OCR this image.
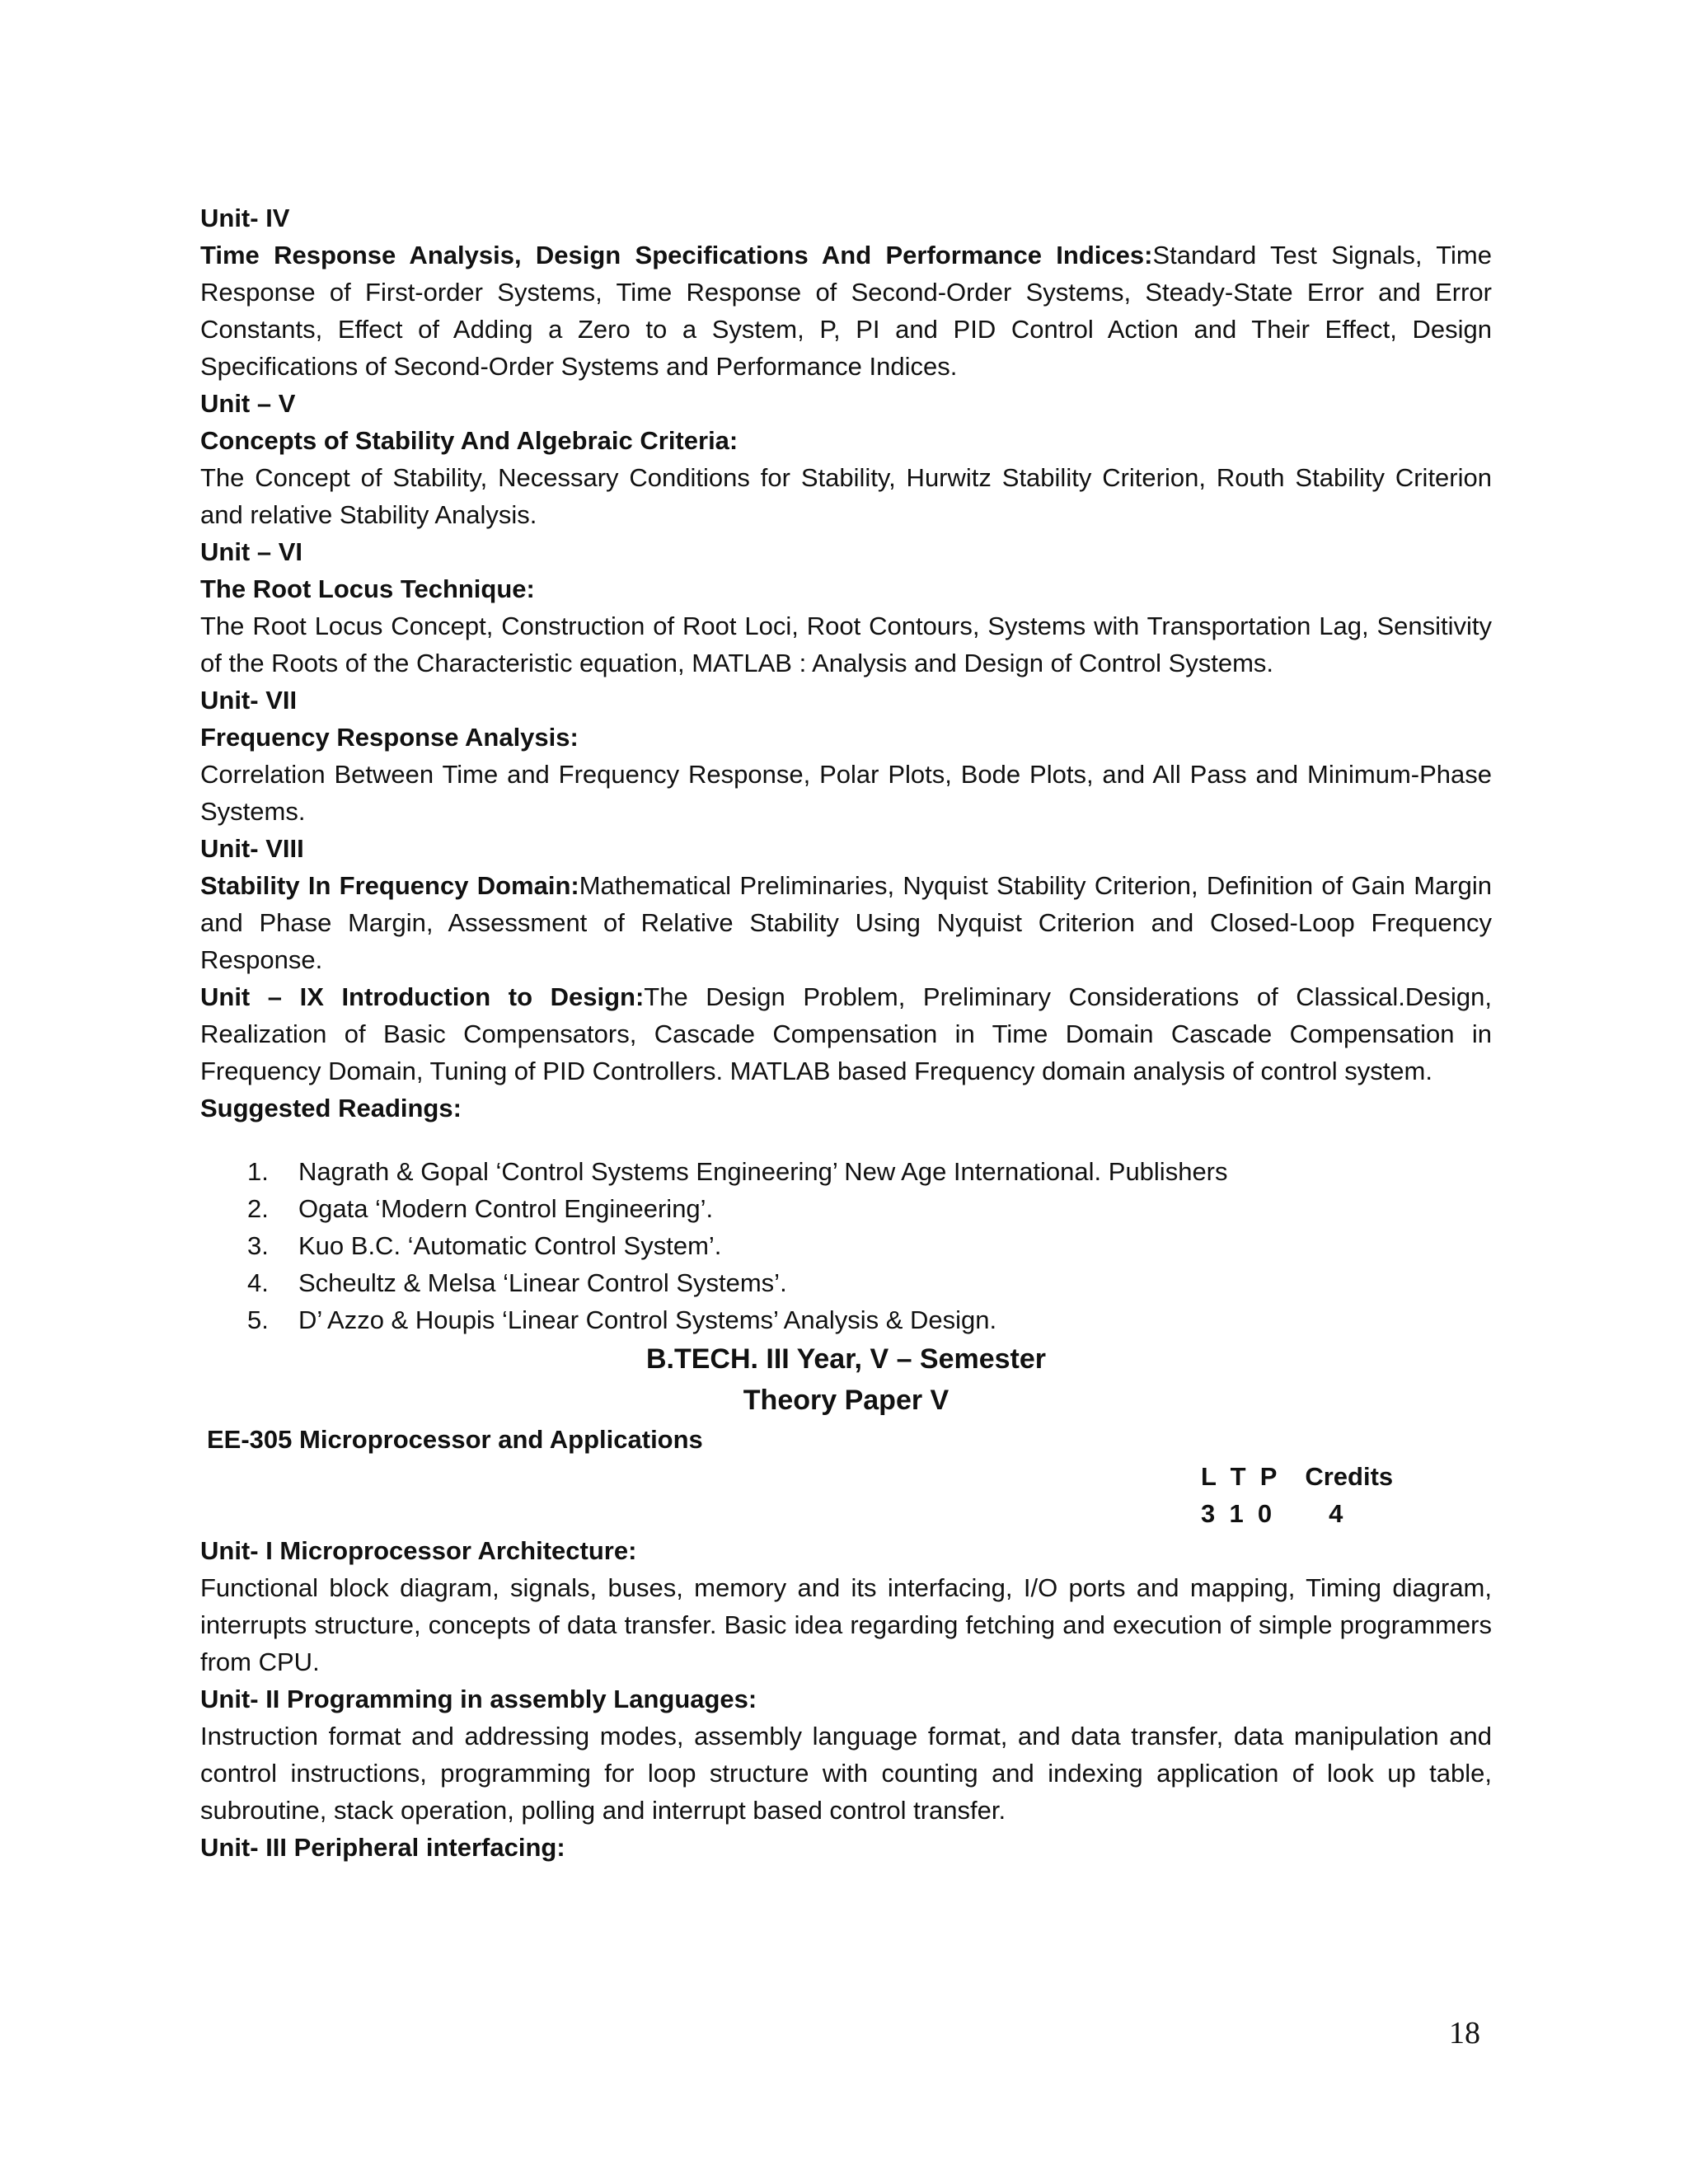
Unit- IV

Time Response Analysis, Design Specifications And Performance Indices:Standard Test Signals, Time Response of First-order Systems, Time Response of Second-Order Systems, Steady-State Error and Error Constants, Effect of Adding a Zero to a System, P, PI and PID Control Action and Their Effect, Design Specifications of Second-Order Systems and Performance Indices.

Unit – V

Concepts of Stability And Algebraic Criteria:

The Concept of Stability, Necessary Conditions for Stability, Hurwitz Stability Criterion, Routh Stability Criterion and relative Stability Analysis.

Unit – VI

The Root Locus Technique:

The Root Locus Concept, Construction of Root Loci, Root Contours, Systems with Transportation Lag, Sensitivity of the Roots of the Characteristic equation, MATLAB : Analysis and Design of Control Systems.

Unit- VII

Frequency Response Analysis:

Correlation Between Time and Frequency Response, Polar Plots, Bode Plots, and All Pass and Minimum-Phase Systems.

Unit- VIII

Stability In Frequency Domain:Mathematical Preliminaries, Nyquist Stability Criterion, Definition of Gain Margin and Phase Margin, Assessment of Relative Stability Using Nyquist Criterion and Closed-Loop Frequency Response.

Unit – IX Introduction to Design:The Design Problem, Preliminary Considerations of Classical.Design, Realization of Basic Compensators, Cascade Compensation in Time Domain Cascade Compensation in Frequency Domain, Tuning of PID Controllers. MATLAB based Frequency domain analysis of control system.

Suggested Readings:

1.	Nagrath & Gopal ‘Control Systems Engineering’ New Age International. Publishers
2.	Ogata ‘Modern Control Engineering’.
3.	Kuo B.C. ‘Automatic Control System’.
4.	Scheultz & Melsa ‘Linear Control Systems’.
5.	D’ Azzo & Houpis ‘Linear Control Systems’ Analysis & Design.

B.TECH. III Year, V – Semester

Theory Paper V

EE-305 Microprocessor and Applications

L  T  P    Credits
3  1  0        4

Unit- I Microprocessor Architecture:

Functional block diagram, signals, buses, memory and its interfacing, I/O ports and mapping, Timing diagram, interrupts structure, concepts of data transfer. Basic idea regarding fetching and execution of simple programmers from CPU.

Unit- II Programming in assembly Languages:

Instruction format and addressing modes, assembly language format, and data transfer, data manipulation and control instructions, programming for loop structure with counting and indexing application of look up table, subroutine, stack operation, polling and interrupt based control transfer.

Unit- III Peripheral interfacing:

18
